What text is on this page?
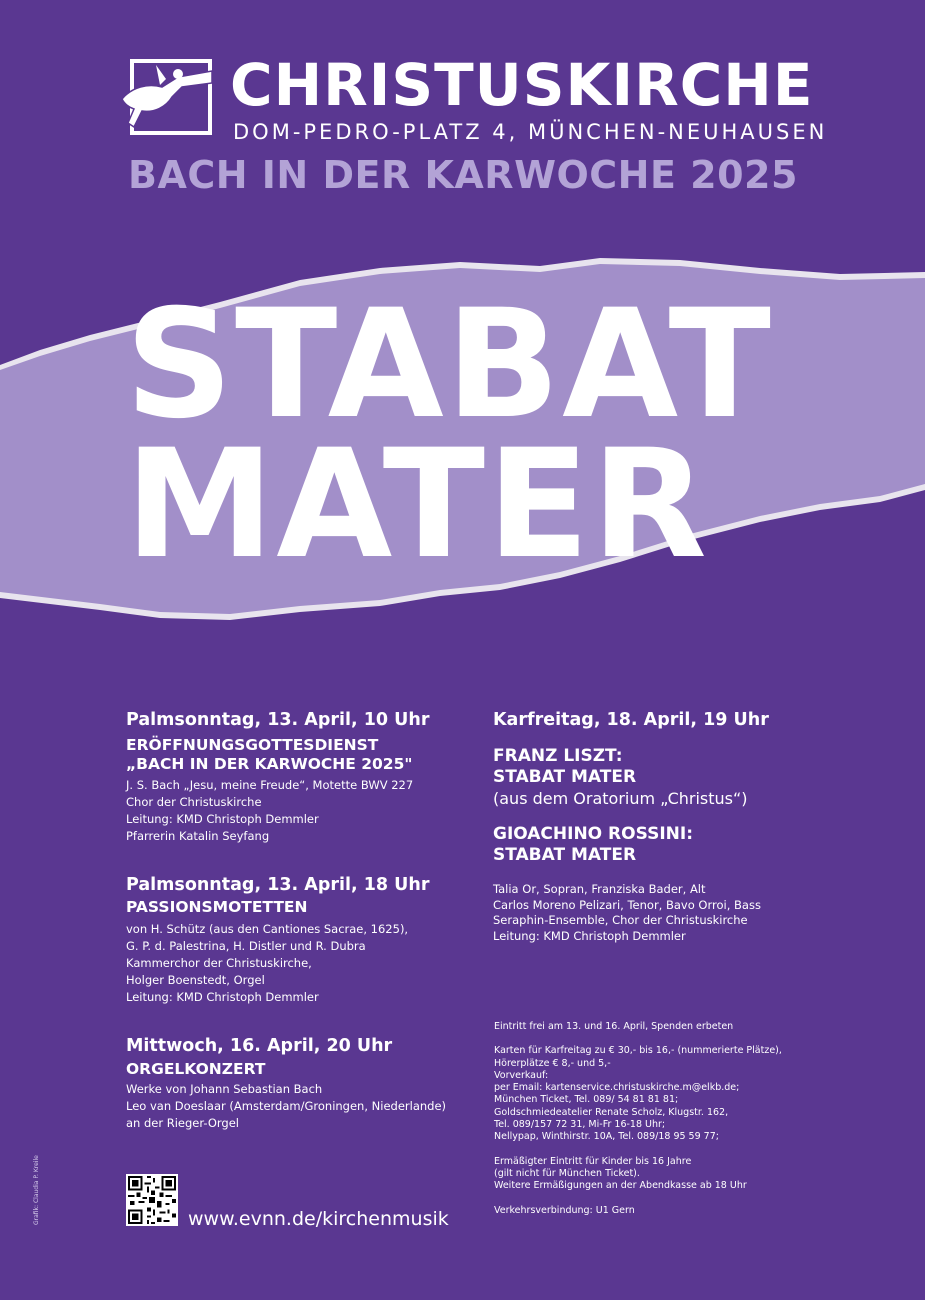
CHRISTUSKIRCHE
DOM-PEDRO-PLATZ 4, MÜNCHEN-NEUHAUSEN
BACH IN DER KARWOCHE 2025
STABAT
MATER
Palmsonntag, 13. April, 10 Uhr
ERÖFFNUNGSGOTTESDIENST
„BACH IN DER KARWOCHE 2025"
J. S. Bach „Jesu, meine Freude“, Motette BWV 227
Chor der Christuskirche
Leitung: KMD Christoph Demmler
Pfarrerin Katalin Seyfang
Palmsonntag, 13. April, 18 Uhr
PASSIONSMOTETTEN
von H. Schütz (aus den Cantiones Sacrae, 1625),
G. P. d. Palestrina, H. Distler und R. Dubra
Kammerchor der Christuskirche,
Holger Boenstedt, Orgel
Leitung: KMD Christoph Demmler
Mittwoch, 16. April, 20 Uhr
ORGELKONZERT
Werke von Johann Sebastian Bach
Leo van Doeslaar (Amsterdam/Groningen, Niederlande)
an der Rieger-Orgel
Karfreitag, 18. April, 19 Uhr
FRANZ LISZT:
STABAT MATER
(aus dem Oratorium „Christus“)
GIOACHINO ROSSINI:
STABAT MATER
Talia Or, Sopran, Franziska Bader, Alt
Carlos Moreno Pelizari, Tenor, Bavo Orroi, Bass
Seraphin-Ensemble, Chor der Christuskirche
Leitung: KMD Christoph Demmler

Eintritt frei am 13. und 16. April, Spenden erbeten

Karten für Karfreitag zu € 30,- bis 16,- (nummerierte Plätze),
Hörerplätze € 8,- und 5,-
Vorverkauf:
per Email: kartenservice.christuskirche.m@elkb.de;
München Ticket, Tel. 089/ 54 81 81 81;
Goldschmiedeatelier Renate Scholz, Klugstr. 162,
Tel. 089/157 72 31, Mi-Fr 16-18 Uhr;
Nellypap, Winthirstr. 10A, Tel. 089/18 95 59 77;

Ermäßigter Eintritt für Kinder bis 16 Jahre
(gilt nicht für München Ticket).
Weitere Ermäßigungen an der Abendkasse ab 18 Uhr

Verkehrsverbindung: U1 Gern

www.evnn.de/kirchenmusik
Grafik: Claudia P. Kreile
